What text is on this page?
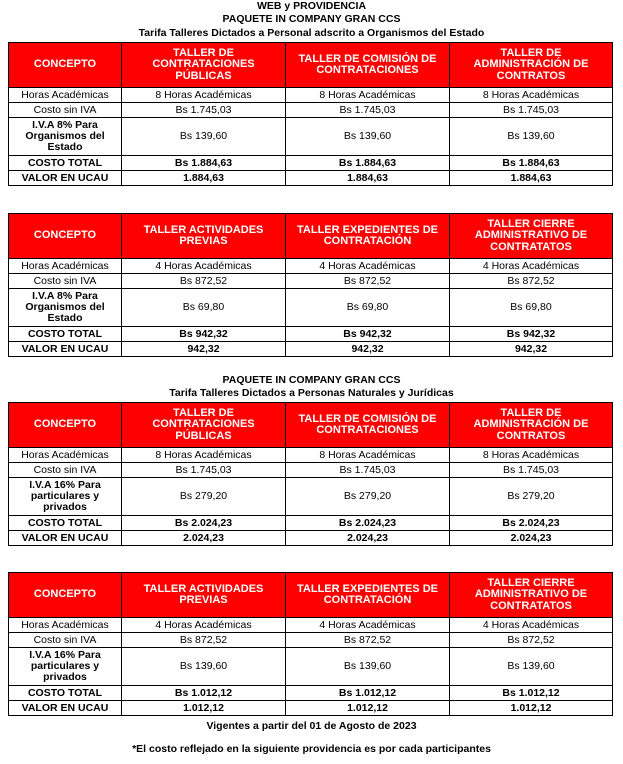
WEB y PROVIDENCIA
PAQUETE IN COMPANY GRAN CCS
Tarifa Talleres Dictados a Personal adscrito a Organismos del Estado
CONCEPTO	TALLER DE CONTRATACIONES PÚBLICAS	TALLER DE COMISIÓN DE CONTRATACIONES	TALLER DE ADMINISTRACIÓN DE CONTRATOS
Horas Académicas	8 Horas Académicas	8 Horas Académicas	8 Horas Académicas
Costo sin IVA	Bs 1.745,03	Bs 1.745,03	Bs 1.745,03
I.V.A 8% Para Organismos del Estado	Bs 139,60	Bs 139,60	Bs 139,60
COSTO TOTAL	Bs 1.884,63	Bs 1.884,63	Bs 1.884,63
VALOR EN UCAU	1.884,63	1.884,63	1.884,63
CONCEPTO	TALLER ACTIVIDADES PREVIAS	TALLER EXPEDIENTES DE CONTRATACIÓN	TALLER CIERRE ADMINISTRATIVO DE CONTRATATOS
Horas Académicas	4 Horas Académicas	4 Horas Académicas	4 Horas Académicas
Costo sin IVA	Bs 872,52	Bs 872,52	Bs 872,52
I.V.A 8% Para Organismos del Estado	Bs 69,80	Bs 69,80	Bs 69,80
COSTO TOTAL	Bs 942,32	Bs 942,32	Bs 942,32
VALOR EN UCAU	942,32	942,32	942,32
PAQUETE IN COMPANY GRAN CCS
Tarifa Talleres Dictados a Personas Naturales y Jurídicas
CONCEPTO	TALLER DE CONTRATACIONES PÚBLICAS	TALLER DE COMISIÓN DE CONTRATACIONES	TALLER DE ADMINISTRACIÓN DE CONTRATOS
Horas Académicas	8 Horas Académicas	8 Horas Académicas	8 Horas Académicas
Costo sin IVA	Bs 1.745,03	Bs 1.745,03	Bs 1.745,03
I.V.A 16% Para particulares y privados	Bs 279,20	Bs 279,20	Bs 279,20
COSTO TOTAL	Bs 2.024,23	Bs 2.024,23	Bs 2.024,23
VALOR EN UCAU	2.024,23	2.024,23	2.024,23
CONCEPTO	TALLER ACTIVIDADES PREVIAS	TALLER EXPEDIENTES DE CONTRATACIÓN	TALLER CIERRE ADMINISTRATIVO DE CONTRATATOS
Horas Académicas	4 Horas Académicas	4 Horas Académicas	4 Horas Académicas
Costo sin IVA	Bs 872,52	Bs 872,52	Bs 872,52
I.V.A 16% Para particulares y privados	Bs 139,60	Bs 139,60	Bs 139,60
COSTO TOTAL	Bs 1.012,12	Bs 1.012,12	Bs 1.012,12
VALOR EN UCAU	1.012,12	1.012,12	1.012,12
Vigentes a partir del 01 de Agosto de 2023
*El costo reflejado en la siguiente providencia es por cada participantes
